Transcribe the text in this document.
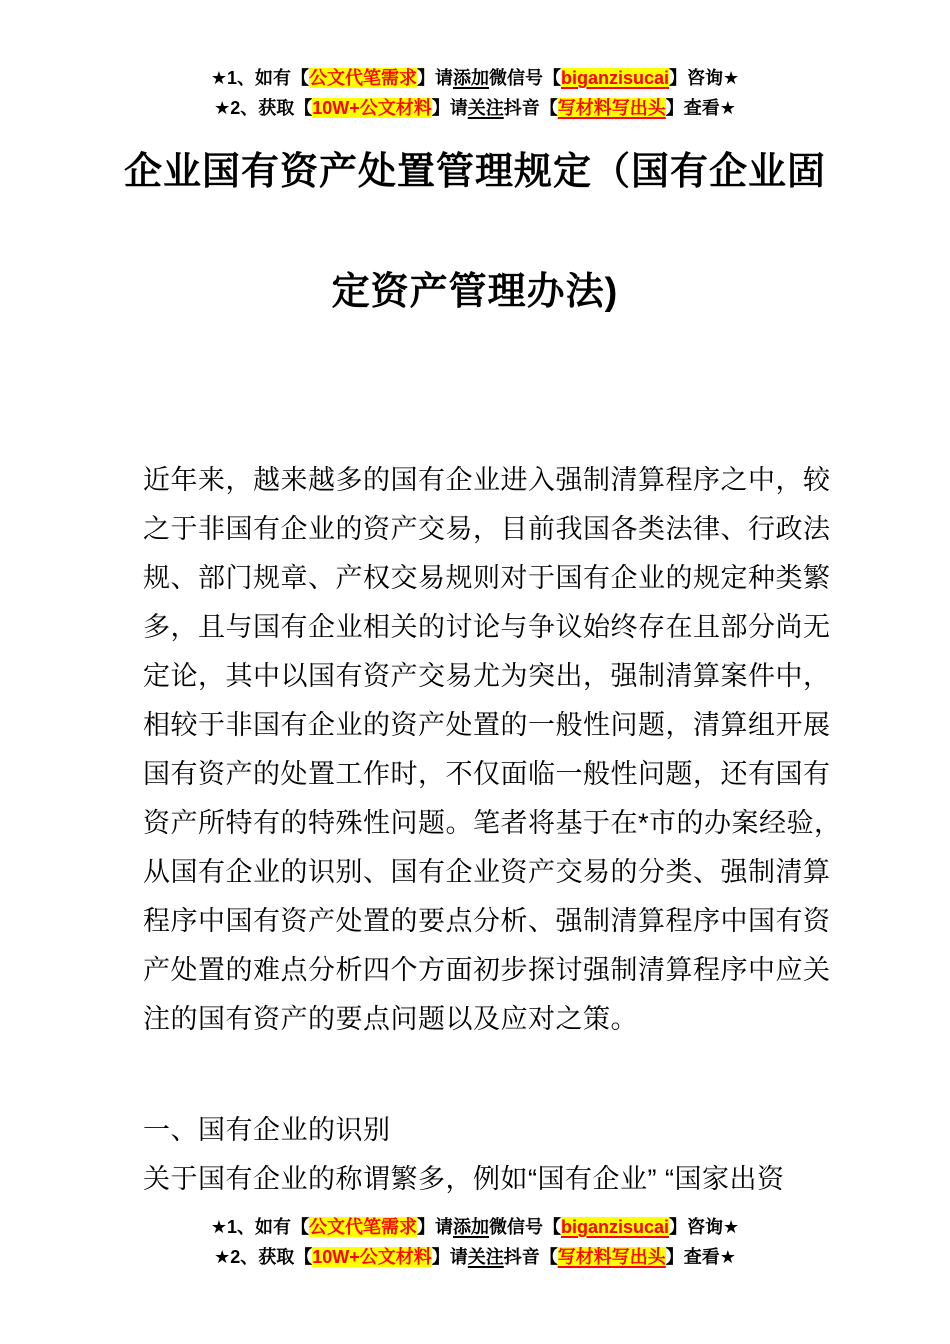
★1、如有【公文代笔需求】请添加微信号【biganzisucai】咨询★
★2、获取【10W+公文材料】请关注抖音【写材料写出头】查看★
企业国有资产处置管理规定（国有企业固
定资产管理办法)
近年来，越来越多的国有企业进入强制清算程序之中，较
之于非国有企业的资产交易，目前我国各类法律、行政法
规、部门规章、产权交易规则对于国有企业的规定种类繁
多，且与国有企业相关的讨论与争议始终存在且部分尚无
定论，其中以国有资产交易尤为突出，强制清算案件中，
相较于非国有企业的资产处置的一般性问题，清算组开展
国有资产的处置工作时，不仅面临一般性问题，还有国有
资产所特有的特殊性问题。笔者将基于在*市的办案经验，
从国有企业的识别、国有企业资产交易的分类、强制清算
程序中国有资产处置的要点分析、强制清算程序中国有资
产处置的难点分析四个方面初步探讨强制清算程序中应关
注的国有资产的要点问题以及应对之策。
一、国有企业的识别
关于国有企业的称谓繁多，例如“国有企业” “国家出资
★1、如有【公文代笔需求】请添加微信号【biganzisucai】咨询★
★2、获取【10W+公文材料】请关注抖音【写材料写出头】查看★
